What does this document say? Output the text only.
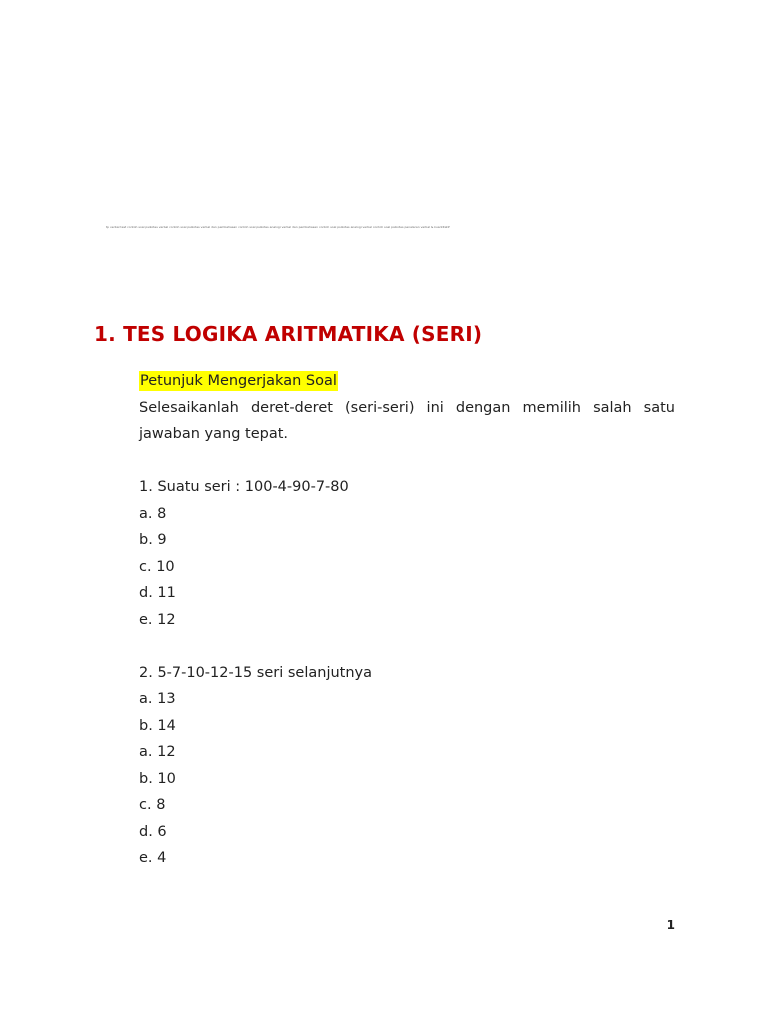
tp verbal test contoh soal psikotes verbal contoh soal psikotes verbal dan pembahasan contoh soal psikotes analogi verbal dan pembahasan contoh soal psikotes analogi verbal contoh soal psikotes penalaran verbal & kuantitatif
1. TES LOGIKA ARITMATIKA (SERI)
Petunjuk Mengerjakan Soal

Selesaikanlah deret-deret (seri-seri) ini dengan memilih salah satu jawaban yang tepat.

1. Suatu seri : 100-4-90-7-80

a. 8

b. 9

c. 10

d. 11

e. 12

2. 5-7-10-12-15 seri selanjutnya

a. 13

b. 14

a. 12

b. 10

c. 8

d. 6

e. 4

1
